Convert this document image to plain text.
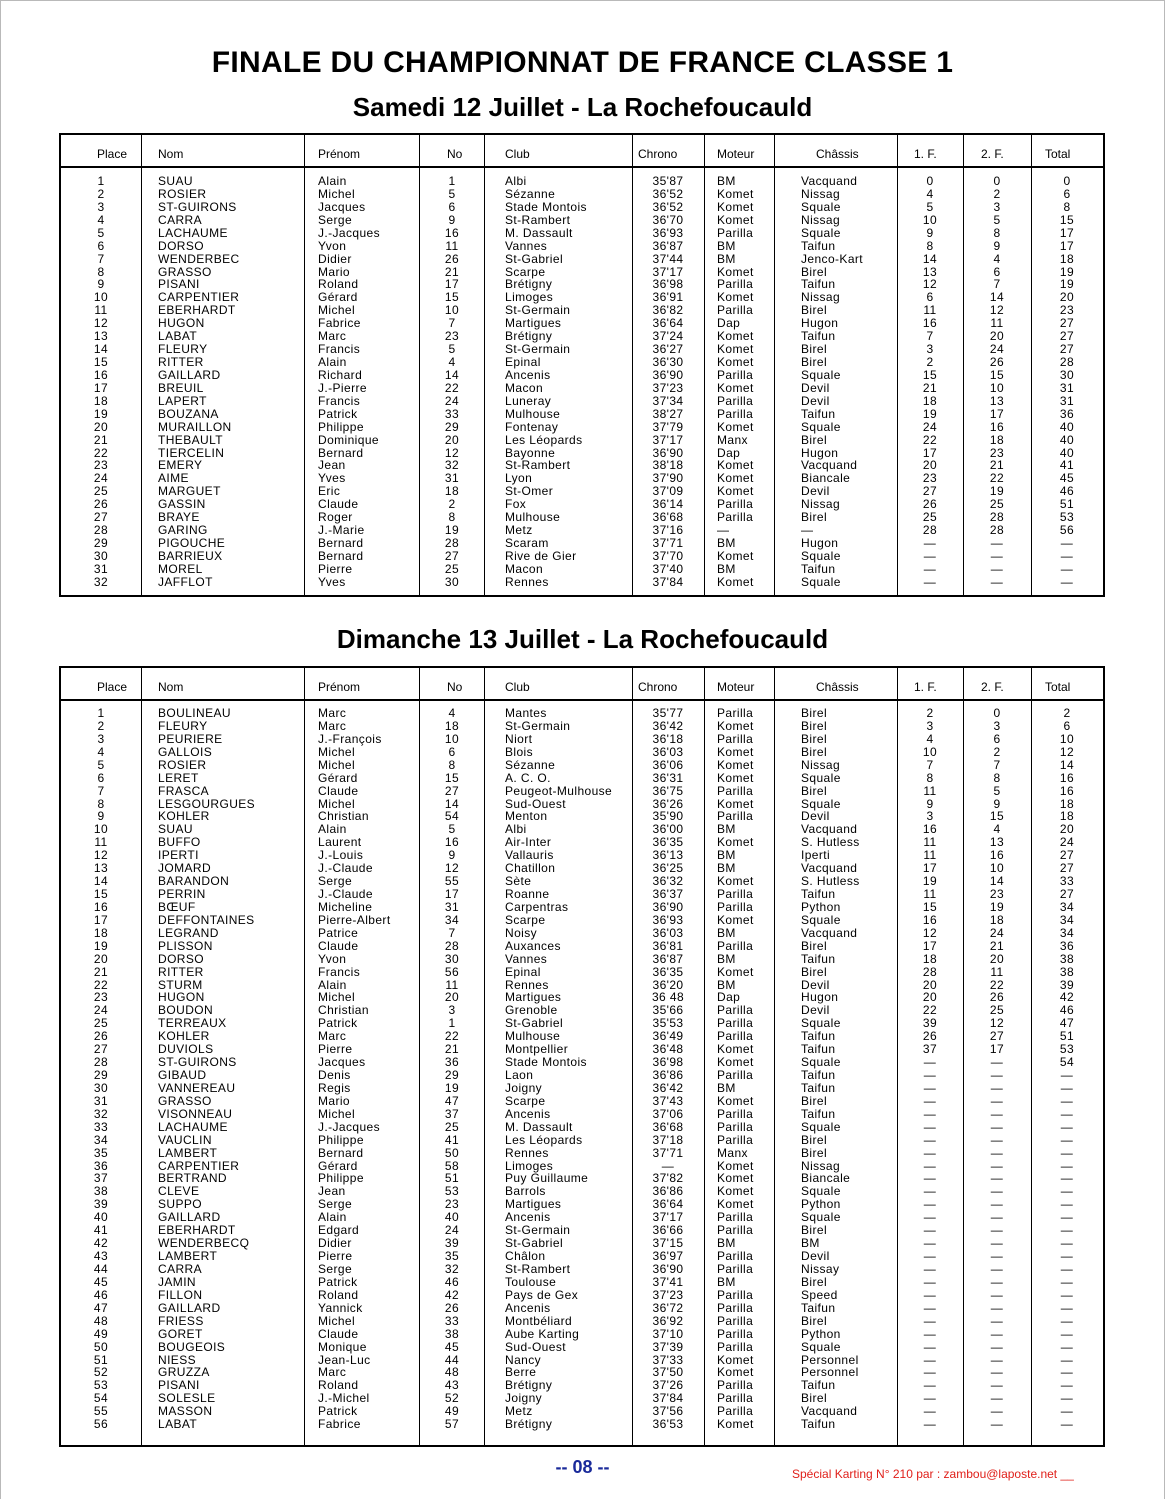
FINALE DU CHAMPIONNAT DE FRANCE CLASSE 1
Samedi 12 Juillet - La Rochefoucauld
Place	Nom	Prénom	No	Club	Chrono	Moteur	Châssis	1. F.	2. F.	Total
1	SUAU	Alain	1	Albi	35'87	BM	Vacquand	0	0	0
2	ROSIER	Michel	5	Sézanne	36'52	Komet	Nissag	4	2	6
3	ST-GUIRONS	Jacques	6	Stade Montois	36'52	Komet	Squale	5	3	8
4	CARRA	Serge	9	St-Rambert	36'70	Komet	Nissag	10	5	15
5	LACHAUME	J.-Jacques	16	M. Dassault	36'93	Parilla	Squale	9	8	17
6	DORSO	Yvon	11	Vannes	36'87	BM	Taifun	8	9	17
7	WENDERBEC	Didier	26	St-Gabriel	37'44	BM	Jenco-Kart	14	4	18
8	GRASSO	Mario	21	Scarpe	37'17	Komet	Birel	13	6	19
9	PISANI	Roland	17	Brétigny	36'98	Parilla	Taifun	12	7	19
10	CARPENTIER	Gérard	15	Limoges	36'91	Komet	Nissag	6	14	20
11	EBERHARDT	Michel	10	St-Germain	36'82	Parilla	Birel	11	12	23
12	HUGON	Fabrice	7	Martigues	36'64	Dap	Hugon	16	11	27
13	LABAT	Marc	23	Brétigny	37'24	Komet	Taifun	7	20	27
14	FLEURY	Francis	5	St-Germain	36'27	Komet	Birel	3	24	27
15	RITTER	Alain	4	Epinal	36'30	Komet	Birel	2	26	28
16	GAILLARD	Richard	14	Ancenis	36'90	Parilla	Squale	15	15	30
17	BREUIL	J.-Pierre	22	Macon	37'23	Komet	Devil	21	10	31
18	LAPERT	Francis	24	Luneray	37'34	Parilla	Devil	18	13	31
19	BOUZANA	Patrick	33	Mulhouse	38'27	Parilla	Taifun	19	17	36
20	MURAILLON	Philippe	29	Fontenay	37'79	Komet	Squale	24	16	40
21	THEBAULT	Dominique	20	Les Léopards	37'17	Manx	Birel	22	18	40
22	TIERCELIN	Bernard	12	Bayonne	36'90	Dap	Hugon	17	23	40
23	EMERY	Jean	32	St-Rambert	38'18	Komet	Vacquand	20	21	41
24	AIME	Yves	31	Lyon	37'90	Komet	Biancale	23	22	45
25	MARGUET	Eric	18	St-Omer	37'09	Komet	Devil	27	19	46
26	GASSIN	Claude	2	Fox	36'14	Parilla	Nissag	26	25	51
27	BRAYE	Roger	8	Mulhouse	36'68	Parilla	Birel	25	28	53
28	GARING	J.-Marie	19	Metz	37'16	—	—	28	28	56
29	PIGOUCHE	Bernard	28	Scaram	37'71	BM	Hugon	—	—	—
30	BARRIEUX	Bernard	27	Rive de Gier	37'70	Komet	Squale	—	—	—
31	MOREL	Pierre	25	Macon	37'40	BM	Taifun	—	—	—
32	JAFFLOT	Yves	30	Rennes	37'84	Komet	Squale	—	—	—
Dimanche 13 Juillet - La Rochefoucauld
Place	Nom	Prénom	No	Club	Chrono	Moteur	Châssis	1. F.	2. F.	Total
1	BOULINEAU	Marc	4	Mantes	35'77	Parilla	Birel	2	0	2
2	FLEURY	Marc	18	St-Germain	36'42	Komet	Birel	3	3	6
3	PEURIERE	J.-François	10	Niort	36'18	Parilla	Birel	4	6	10
4	GALLOIS	Michel	6	Blois	36'03	Komet	Birel	10	2	12
5	ROSIER	Michel	8	Sézanne	36'06	Komet	Nissag	7	7	14
6	LERET	Gérard	15	A. C. O.	36'31	Komet	Squale	8	8	16
7	FRASCA	Claude	27	Peugeot-Mulhouse	36'75	Parilla	Birel	11	5	16
8	LESGOURGUES	Michel	14	Sud-Ouest	36'26	Komet	Squale	9	9	18
9	KOHLER	Christian	54	Menton	35'90	Parilla	Devil	3	15	18
10	SUAU	Alain	5	Albi	36'00	BM	Vacquand	16	4	20
11	BUFFO	Laurent	16	Air-Inter	36'35	Komet	S. Hutless	11	13	24
12	IPERTI	J.-Louis	9	Vallauris	36'13	BM	Iperti	11	16	27
13	JOMARD	J.-Claude	12	Chatillon	36'25	BM	Vacquand	17	10	27
14	BARANDON	Serge	55	Sète	36'32	Komet	S. Hutless	19	14	33
15	PERRIN	J.-Claude	17	Roanne	36'37	Parilla	Taifun	11	23	27
16	BŒUF	Micheline	31	Carpentras	36'90	Parilla	Python	15	19	34
17	DEFFONTAINES	Pierre-Albert	34	Scarpe	36'93	Komet	Squale	16	18	34
18	LEGRAND	Patrice	7	Noisy	36'03	BM	Vacquand	12	24	34
19	PLISSON	Claude	28	Auxances	36'81	Parilla	Birel	17	21	36
20	DORSO	Yvon	30	Vannes	36'87	BM	Taifun	18	20	38
21	RITTER	Francis	56	Epinal	36'35	Komet	Birel	28	11	38
22	STURM	Alain	11	Rennes	36'20	BM	Devil	20	22	39
23	HUGON	Michel	20	Martigues	36 48	Dap	Hugon	20	26	42
24	BOUDON	Christian	3	Grenoble	35'66	Parilla	Devil	22	25	46
25	TERREAUX	Patrick	1	St-Gabriel	35'53	Parilla	Squale	39	12	47
26	KOHLER	Marc	22	Mulhouse	36'49	Parilla	Taifun	26	27	51
27	DUVIOLS	Pierre	21	Montpellier	36'48	Komet	Taifun	37	17	53
28	ST-GUIRONS	Jacques	36	Stade Montois	36'98	Komet	Squale	—	—	54
29	GIBAUD	Denis	29	Laon	36'86	Parilla	Taifun	—	—	—
30	VANNEREAU	Regis	19	Joigny	36'42	BM	Taifun	—	—	—
31	GRASSO	Mario	47	Scarpe	37'43	Komet	Birel	—	—	—
32	VISONNEAU	Michel	37	Ancenis	37'06	Parilla	Taifun	—	—	—
33	LACHAUME	J.-Jacques	25	M. Dassault	36'68	Parilla	Squale	—	—	—
34	VAUCLIN	Philippe	41	Les Léopards	37'18	Parilla	Birel	—	—	—
35	LAMBERT	Bernard	50	Rennes	37'71	Manx	Birel	—	—	—
36	CARPENTIER	Gérard	58	Limoges	—	Komet	Nissag	—	—	—
37	BERTRAND	Philippe	51	Puy Guillaume	37'82	Komet	Biancale	—	—	—
38	CLEVE	Jean	53	Barrols	36'86	Komet	Squale	—	—	—
39	SUPPO	Serge	23	Martigues	36'64	Komet	Python	—	—	—
40	GAILLARD	Alain	40	Ancenis	37'17	Parilla	Squale	—	—	—
41	EBERHARDT	Edgard	24	St-Germain	36'66	Parilla	Birel	—	—	—
42	WENDERBECQ	Didier	39	St-Gabriel	37'15	BM	BM	—	—	—
43	LAMBERT	Pierre	35	Châlon	36'97	Parilla	Devil	—	—	—
44	CARRA	Serge	32	St-Rambert	36'90	Parilla	Nissay	—	—	—
45	JAMIN	Patrick	46	Toulouse	37'41	BM	Birel	—	—	—
46	FILLON	Roland	42	Pays de Gex	37'23	Parilla	Speed	—	—	—
47	GAILLARD	Yannick	26	Ancenis	36'72	Parilla	Taifun	—	—	—
48	FRIESS	Michel	33	Montbéliard	36'92	Parilla	Birel	—	—	—
49	GORET	Claude	38	Aube Karting	37'10	Parilla	Python	—	—	—
50	BOUGEOIS	Monique	45	Sud-Ouest	37'39	Parilla	Squale	—	—	—
51	NIESS	Jean-Luc	44	Nancy	37'33	Komet	Personnel	—	—	—
52	GRUZZA	Marc	48	Berre	37'50	Komet	Personnel	—	—	—
53	PISANI	Roland	43	Brétigny	37'26	Parilla	Taifun	—	—	—
54	SOLESLE	J.-Michel	52	Joigny	37'84	Parilla	Birel	—	—	—
55	MASSON	Patrick	49	Metz	37'56	Parilla	Vacquand	—	—	—
56	LABAT	Fabrice	57	Brétigny	36'53	Komet	Taifun	—	—	—
-- 08 --	Spécial Karting N° 210 par : zambou@laposte.net __
